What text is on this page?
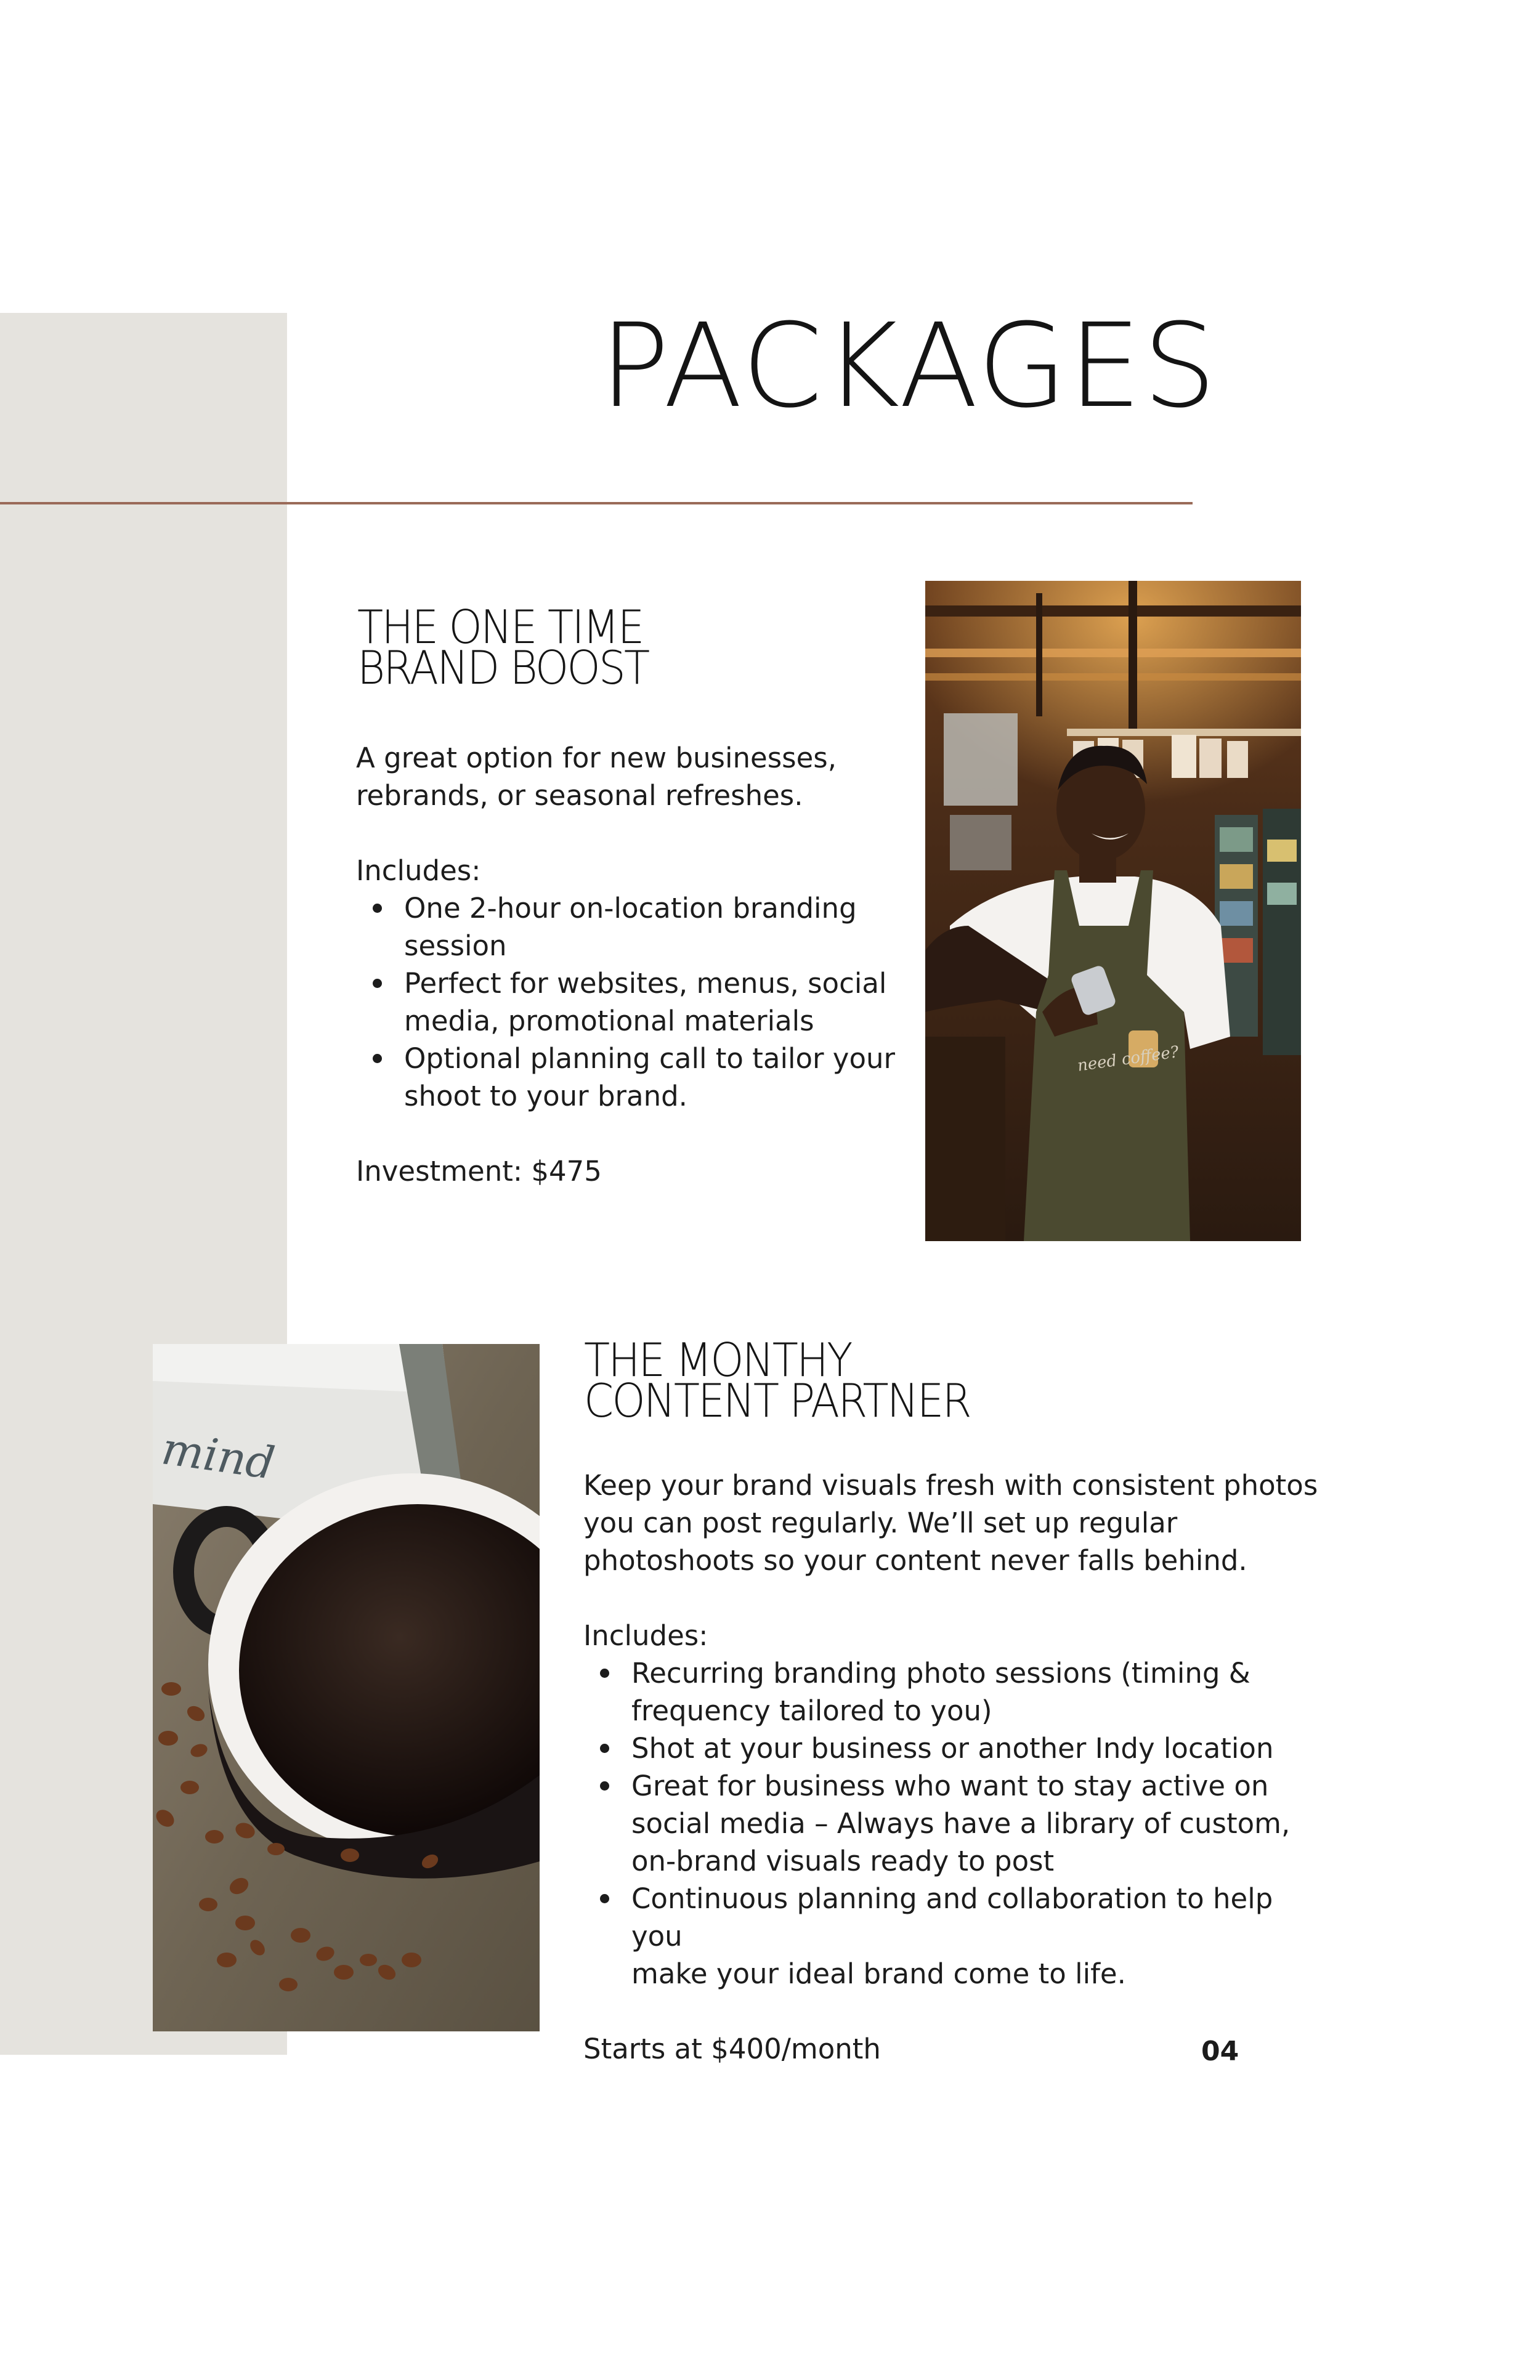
PACKAGES
THE ONE TIME
BRAND BOOST

A great option for new businesses,

rebrands, or seasonal refreshes.

Includes:

One 2-hour on-location branding
session
Perfect for websites, menus, social
media, promotional materials
Optional planning call to tailor your
shoot to your brand.

Investment: $475

need coffee?
mind
THE MONTHY
CONTENT PARTNER

Keep your brand visuals fresh with consistent photos

you can post regularly. We’ll set up regular

photoshoots so your content never falls behind.

Includes:

Recurring branding photo sessions (timing &
frequency tailored to you)
Shot at your business or another Indy location
Great for business who want to stay active on
social media – Always have a library of custom,
on-brand visuals ready to post
Continuous planning and collaboration to help you
make your ideal brand come to life.

Starts at $400/month	04
